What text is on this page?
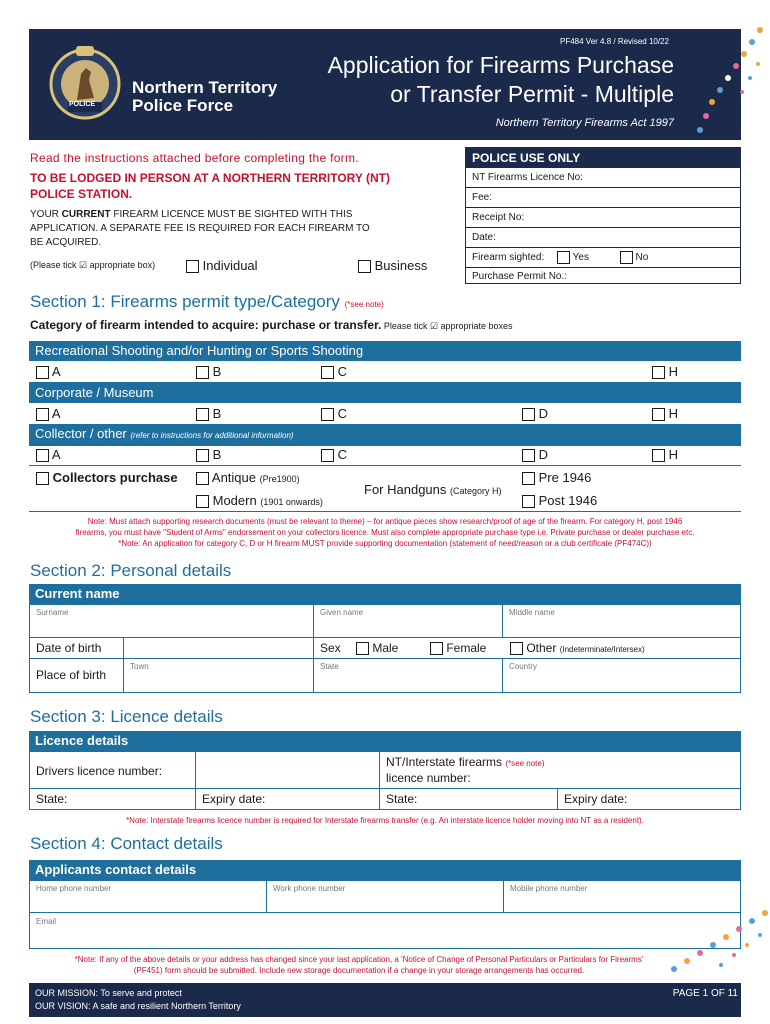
PF484 Ver 4.8 / Revised 10/22
POLICE
Northern Territory
Police Force
Application for Firearms Purchase
or Transfer Permit - Multiple
Northern Territory Firearms Act 1997
Read the instructions attached before completing the form.
TO BE LODGED IN PERSON AT A NORTHERN TERRITORY (NT)
POLICE STATION.
YOUR CURRENT FIREARM LICENCE MUST BE SIGHTED WITH THIS
APPLICATION. A SEPARATE FEE IS REQUIRED FOR EACH FIREARM TO
BE ACQUIRED.
(Please tick ☑ appropriate box)	Individual	Business
POLICE USE ONLY
NT Firearms Licence No:
Fee:
Receipt No:
Date:
Firearm sighted:	Yes	No
Purchase Permit No.:
Section 1: Firearms permit type/Category (*see note)
Category of firearm intended to acquire: purchase or transfer. Please tick ☑ appropriate boxes
Recreational Shooting and/or Hunting or Sports Shooting
A	B	C	H
Corporate / Museum
A	B	C	D	H
Collector / other (refer to instructions for additional information)
A	B	C	D	H
Collectors purchase	Antique (Pre1900)
Modern (1901 onwards)
For Handguns (Category H)
Pre 1946
Post 1946
Note: Must attach supporting research documents (must be relevant to theme) – for antique pieces show research/proof of age of the firearm. For category H, post 1946
firearms, you must have "Student of Arms" endorsement on your collectors licence. Must also complete appropriate purchase type i.e. Private purchase or dealer purchase etc.
*Note: An application for category C, D or H firearm MUST provide supporting documentation (statement of need/reason or a club certificate (PF474C))
Section 2: Personal details
Current name
Surname	Given name	Middle name
Date of birth	Sex	Male	Female	Other (Indeterminate/Intersex)
Place of birth
Town	State	Country
Section 3: Licence details
Licence details
Drivers licence number:
NT/Interstate firearms (*see note)
licence number:
State:	Expiry date:	State:	Expiry date:
*Note: Interstate firearms licence number is required for Interstate firearms transfer (e.g. An interstate licence holder moving into NT as a resident).
Section 4: Contact details
Applicants contact details
Home phone number	Work phone number	Mobile phone number
Email
*Note: If any of the above details or your address has changed since your last application, a 'Notice of Change of Personal Particulars or Particulars for Firearms'
(PF451) form should be submitted. Include new storage documentation if a change in your storage arrangements has occurred.
OUR MISSION: To serve and protect
OUR VISION: A safe and resilient Northern Territory
PAGE 1 OF 11
